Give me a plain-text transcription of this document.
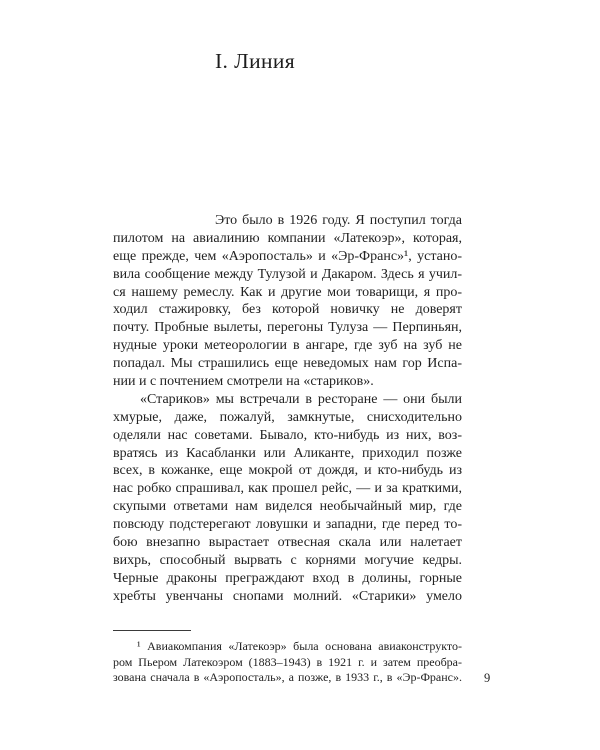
I. Линия
Это было в 1926 году. Я поступил тогда
пилотом на авиалинию компании «Латекоэр», которая,
еще прежде, чем «Аэропосталь» и «Эр-Франс»¹, устано-
вила сообщение между Тулузой и Дакаром. Здесь я учил-
ся нашему ремеслу. Как и другие мои товарищи, я про-
ходил стажировку, без которой новичку не доверят
почту. Пробные вылеты, перегоны Тулуза — Перпиньян,
нудные уроки метеорологии в ангаре, где зуб на зуб не
попадал. Мы страшились еще неведомых нам гор Испа-
нии и с почтением смотрели на «стариков».
«Стариков» мы встречали в ресторане — они были
хмурые, даже, пожалуй, замкнутые, снисходительно
оделяли нас советами. Бывало, кто-нибудь из них, воз-
вратясь из Касабланки или Аликанте, приходил позже
всех, в кожанке, еще мокрой от дождя, и кто-нибудь из
нас робко спрашивал, как прошел рейс, — и за краткими,
скупыми ответами нам виделся необычайный мир, где
повсюду подстерегают ловушки и западни, где перед то-
бою внезапно вырастает отвесная скала или налетает
вихрь, способный вырвать с корнями могучие кедры.
Черные драконы преграждают вход в долины, горные
хребты увенчаны снопами молний. «Старики» умело
¹ Авиакомпания «Латекоэр» была основана авиаконструкто-
ром Пьером Латекоэром (1883–1943) в 1921 г. и затем преобра-
зована сначала в «Аэропосталь», а позже, в 1933 г., в «Эр-Франс». 9
